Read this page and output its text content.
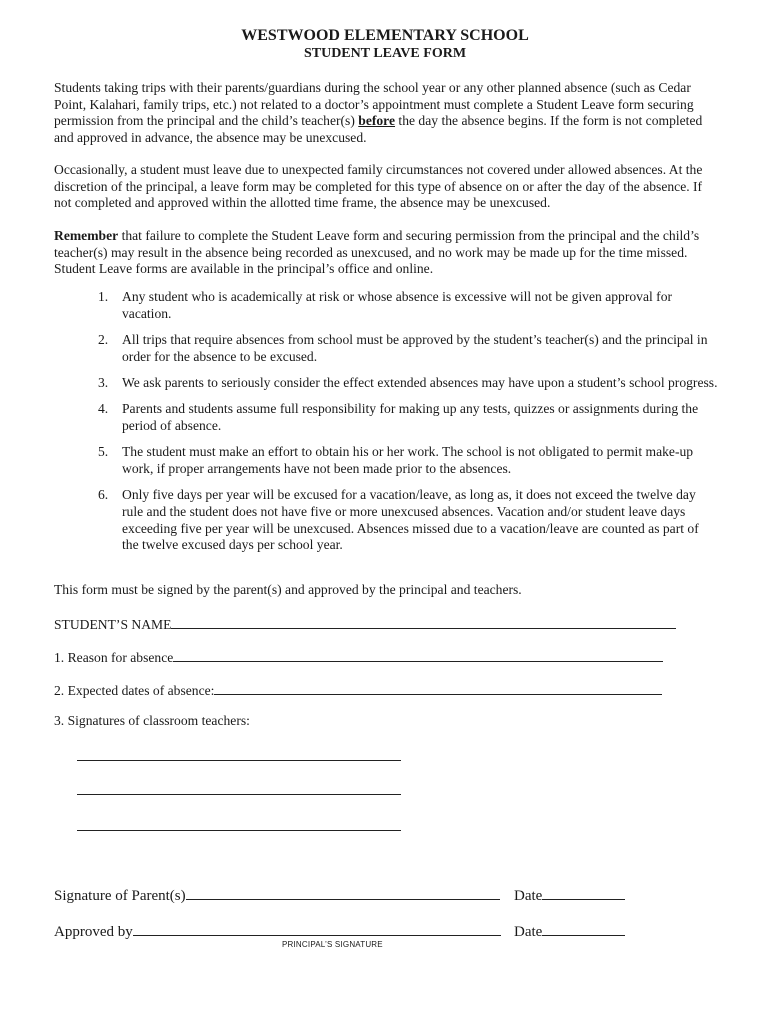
WESTWOOD ELEMENTARY SCHOOL
STUDENT LEAVE FORM
Students taking trips with their parents/guardians during the school year or any other planned absence (such as Cedar Point, Kalahari, family trips, etc.) not related to a doctor’s appointment must complete a Student Leave form securing permission from the principal and the child’s teacher(s) before the day the absence begins. If the form is not completed and approved in advance, the absence may be unexcused.
Occasionally, a student must leave due to unexpected family circumstances not covered under allowed absences. At the discretion of the principal, a leave form may be completed for this type of absence on or after the day of the absence. If not completed and approved within the allotted time frame, the absence may be unexcused.
Remember that failure to complete the Student Leave form and securing permission from the principal and the child’s teacher(s) may result in the absence being recorded as unexcused, and no work may be made up for the time missed. Student Leave forms are available in the principal’s office and online.
1. Any student who is academically at risk or whose absence is excessive will not be given approval for vacation.
2. All trips that require absences from school must be approved by the student’s teacher(s) and the principal in order for the absence to be excused.
3. We ask parents to seriously consider the effect extended absences may have upon a student’s school progress.
4. Parents and students assume full responsibility for making up any tests, quizzes or assignments during the period of absence.
5. The student must make an effort to obtain his or her work. The school is not obligated to permit make-up work, if proper arrangements have not been made prior to the absences.
6. Only five days per year will be excused for a vacation/leave, as long as, it does not exceed the twelve day rule and the student does not have five or more unexcused absences. Vacation and/or student leave days exceeding five per year will be unexcused. Absences missed due to a vacation/leave are counted as part of the twelve excused days per school year.
This form must be signed by the parent(s) and approved by the principal and teachers.
STUDENT’S NAME
1. Reason for absence
2. Expected dates of absence:
3. Signatures of classroom teachers:
Signature of Parent(s)	Date
Approved by	Date
PRINCIPAL’S SIGNATURE
